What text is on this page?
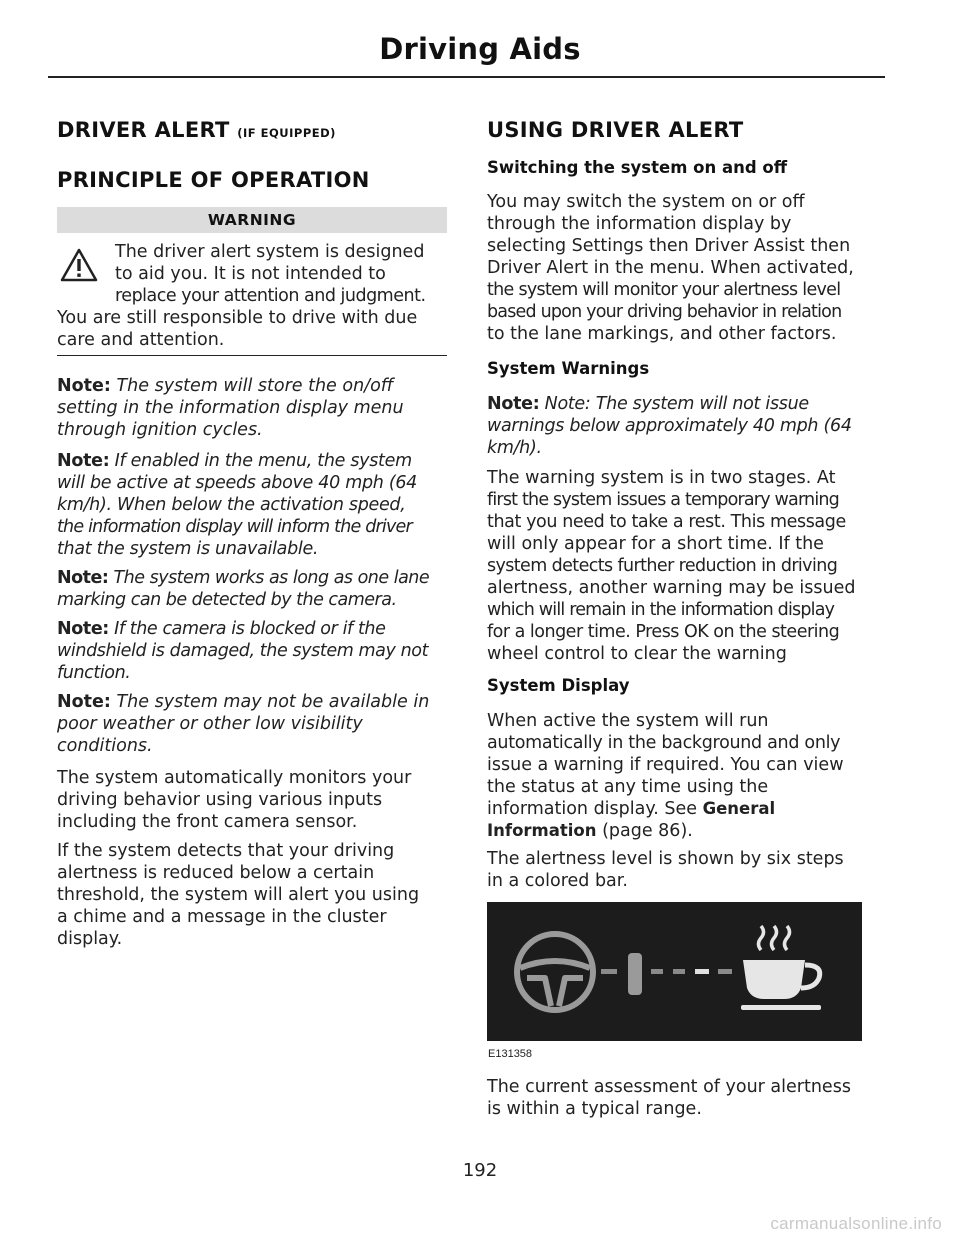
Driving Aids
DRIVER ALERT (IF EQUIPPED)
PRINCIPLE OF OPERATION
WARNING
The driver alert system is designed
to aid you. It is not intended to
replace your attention and judgment.
You are still responsible to drive with due
care and attention.
Note: The system will store the on/off
setting in the information display menu
through ignition cycles.
Note: If enabled in the menu, the system
will be active at speeds above 40 mph (64
km/h). When below the activation speed,
the information display will inform the driver
that the system is unavailable.
Note: The system works as long as one lane
marking can be detected by the camera.
Note: If the camera is blocked or if the
windshield is damaged, the system may not
function.
Note: The system may not be available in
poor weather or other low visibility
conditions.
The system automatically monitors your
driving behavior using various inputs
including the front camera sensor.
If the system detects that your driving
alertness is reduced below a certain
threshold, the system will alert you using
a chime and a message in the cluster
display.
USING DRIVER ALERT
Switching the system on and off
You may switch the system on or off
through the information display by
selecting Settings then Driver Assist then
Driver Alert in the menu. When activated,
the system will monitor your alertness level
based upon your driving behavior in relation
to the lane markings, and other factors.
System Warnings
Note: Note: The system will not issue
warnings below approximately 40 mph (64
km/h).
The warning system is in two stages. At
first the system issues a temporary warning
that you need to take a rest. This message
will only appear for a short time. If the
system detects further reduction in driving
alertness, another warning may be issued
which will remain in the information display
for a longer time. Press OK on the steering
wheel control to clear the warning
System Display
When active the system will run
automatically in the background and only
issue a warning if required. You can view
the status at any time using the
information display. See General
Information (page 86).
The alertness level is shown by six steps
in a colored bar.
E131358
The current assessment of your alertness
is within a typical range.
192
carmanualsonline.info
